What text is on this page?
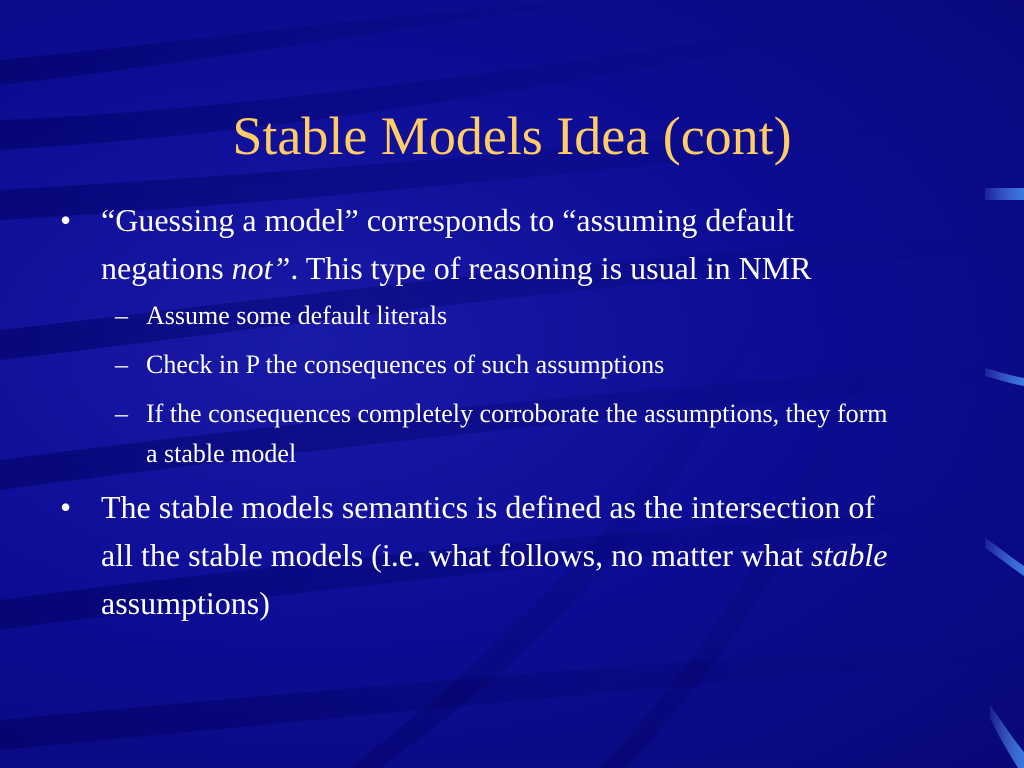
Stable Models Idea (cont)
• “Guessing a model” corresponds to “assuming default negations not”. This type of reasoning is usual in NMR
– Assume some default literals
– Check in P the consequences of such assumptions
– If the consequences completely corroborate the assumptions, they form a stable model
• The stable models semantics is defined as the intersection of all the stable models (i.e. what follows, no matter what stable assumptions)
